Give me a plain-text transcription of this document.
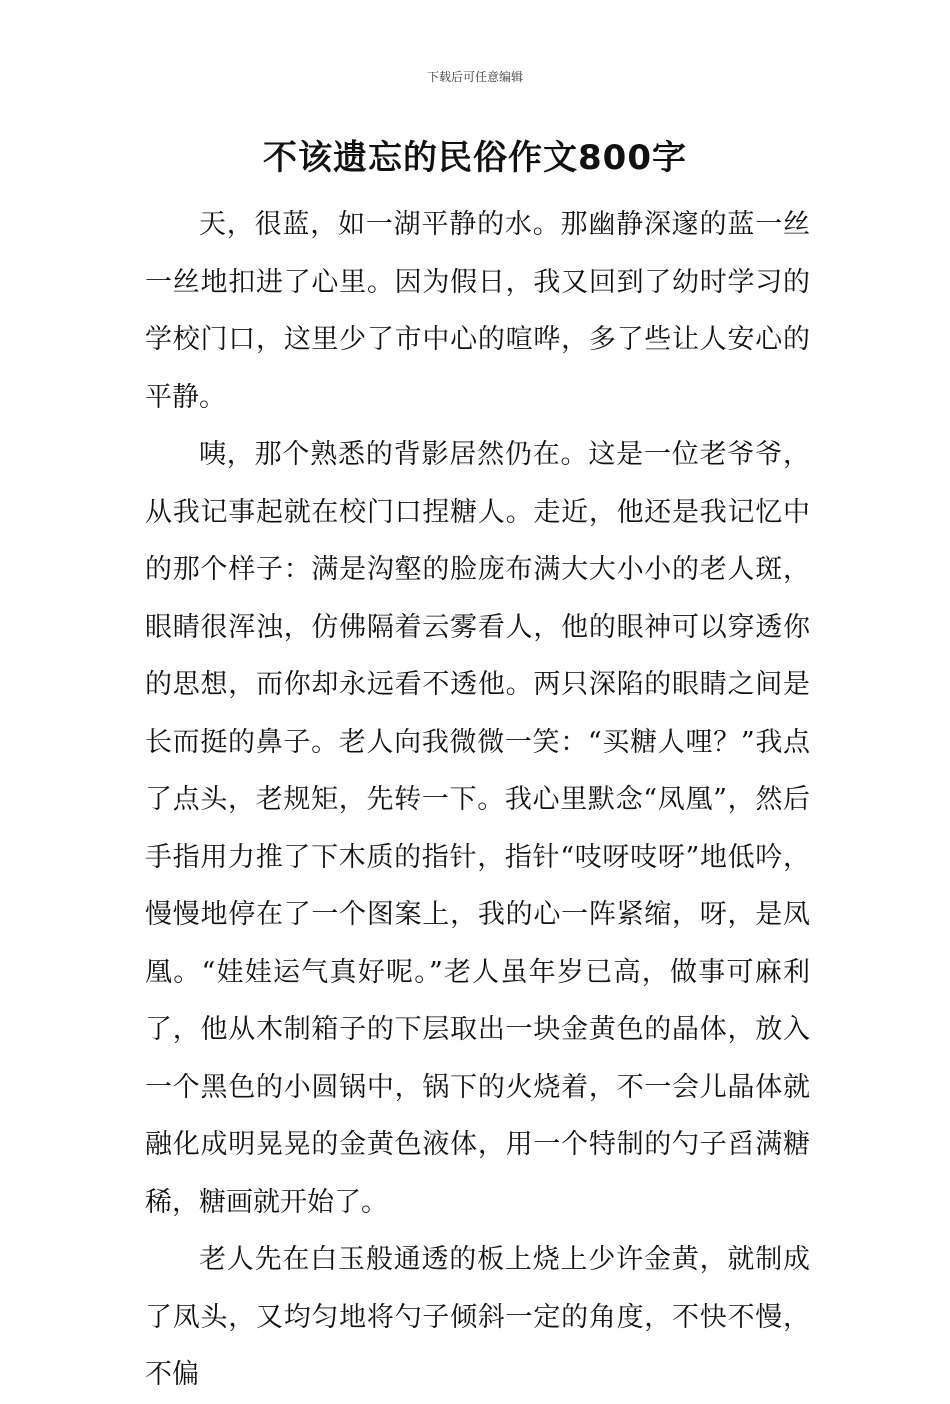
下载后可任意编辑
不该遗忘的民俗作文800字

天，很蓝，如一湖平静的水。那幽静深邃的蓝一丝一丝地扣进了心里。因为假日，我又回到了幼时学习的学校门口，这里少了市中心的喧哗，多了些让人安心的平静。

咦，那个熟悉的背影居然仍在。这是一位老爷爷，从我记事起就在校门口捏糖人。走近，他还是我记忆中的那个样子：满是沟壑的脸庞布满大大小小的老人斑，眼睛很浑浊，仿佛隔着云雾看人，他的眼神可以穿透你的思想，而你却永远看不透他。两只深陷的眼睛之间是长而挺的鼻子。老人向我微微一笑：“买糖人哩？”我点了点头，老规矩，先转一下。我心里默念“凤凰”，然后手指用力推了下木质的指针，指针“吱呀吱呀”地低吟，慢慢地停在了一个图案上，我的心一阵紧缩，呀，是凤凰。“娃娃运气真好呢。”老人虽年岁已高，做事可麻利了，他从木制箱子的下层取出一块金黄色的晶体，放入一个黑色的小圆锅中，锅下的火烧着，不一会儿晶体就融化成明晃晃的金黄色液体，用一个特制的勺子舀满糖稀，糖画就开始了。

老人先在白玉般通透的板上烧上少许金黄，就制成了凤头，又均匀地将勺子倾斜一定的角度，不快不慢，不偏
